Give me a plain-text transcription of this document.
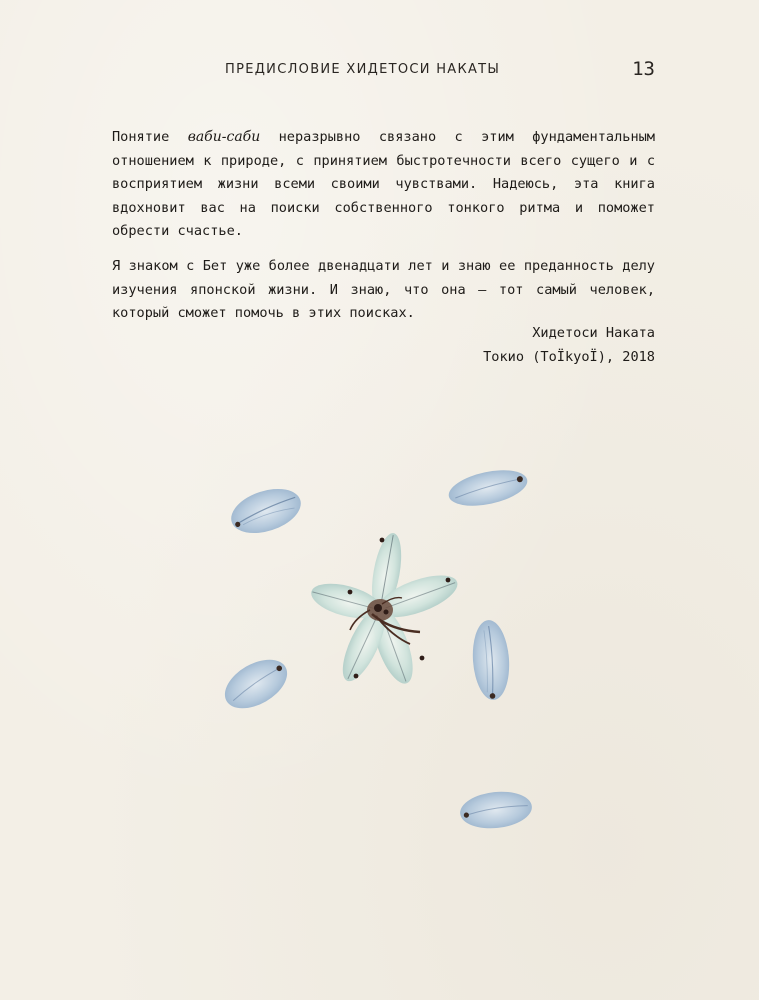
ПРЕДИСЛОВИЕ ХИДЕТОСИ НАКАТЫ	13

Понятие ваби-саби неразрывно связано с этим фундаментальным отношением к природе, с принятием быстротечности всего сущего и с восприятием жизни всеми своими чувствами. Надеюсь, эта книга вдохновит вас на поиски собственного тонкого ритма и поможет обрести счастье.

Я знаком с Бет уже более двенадцати лет и знаю ее преданность делу изучения японской жизни. И знаю, что она — тот самый человек, который сможет помочь в этих поисках.

Хидетоси Наката
Токио (ToÏkyoÏ), 2018
